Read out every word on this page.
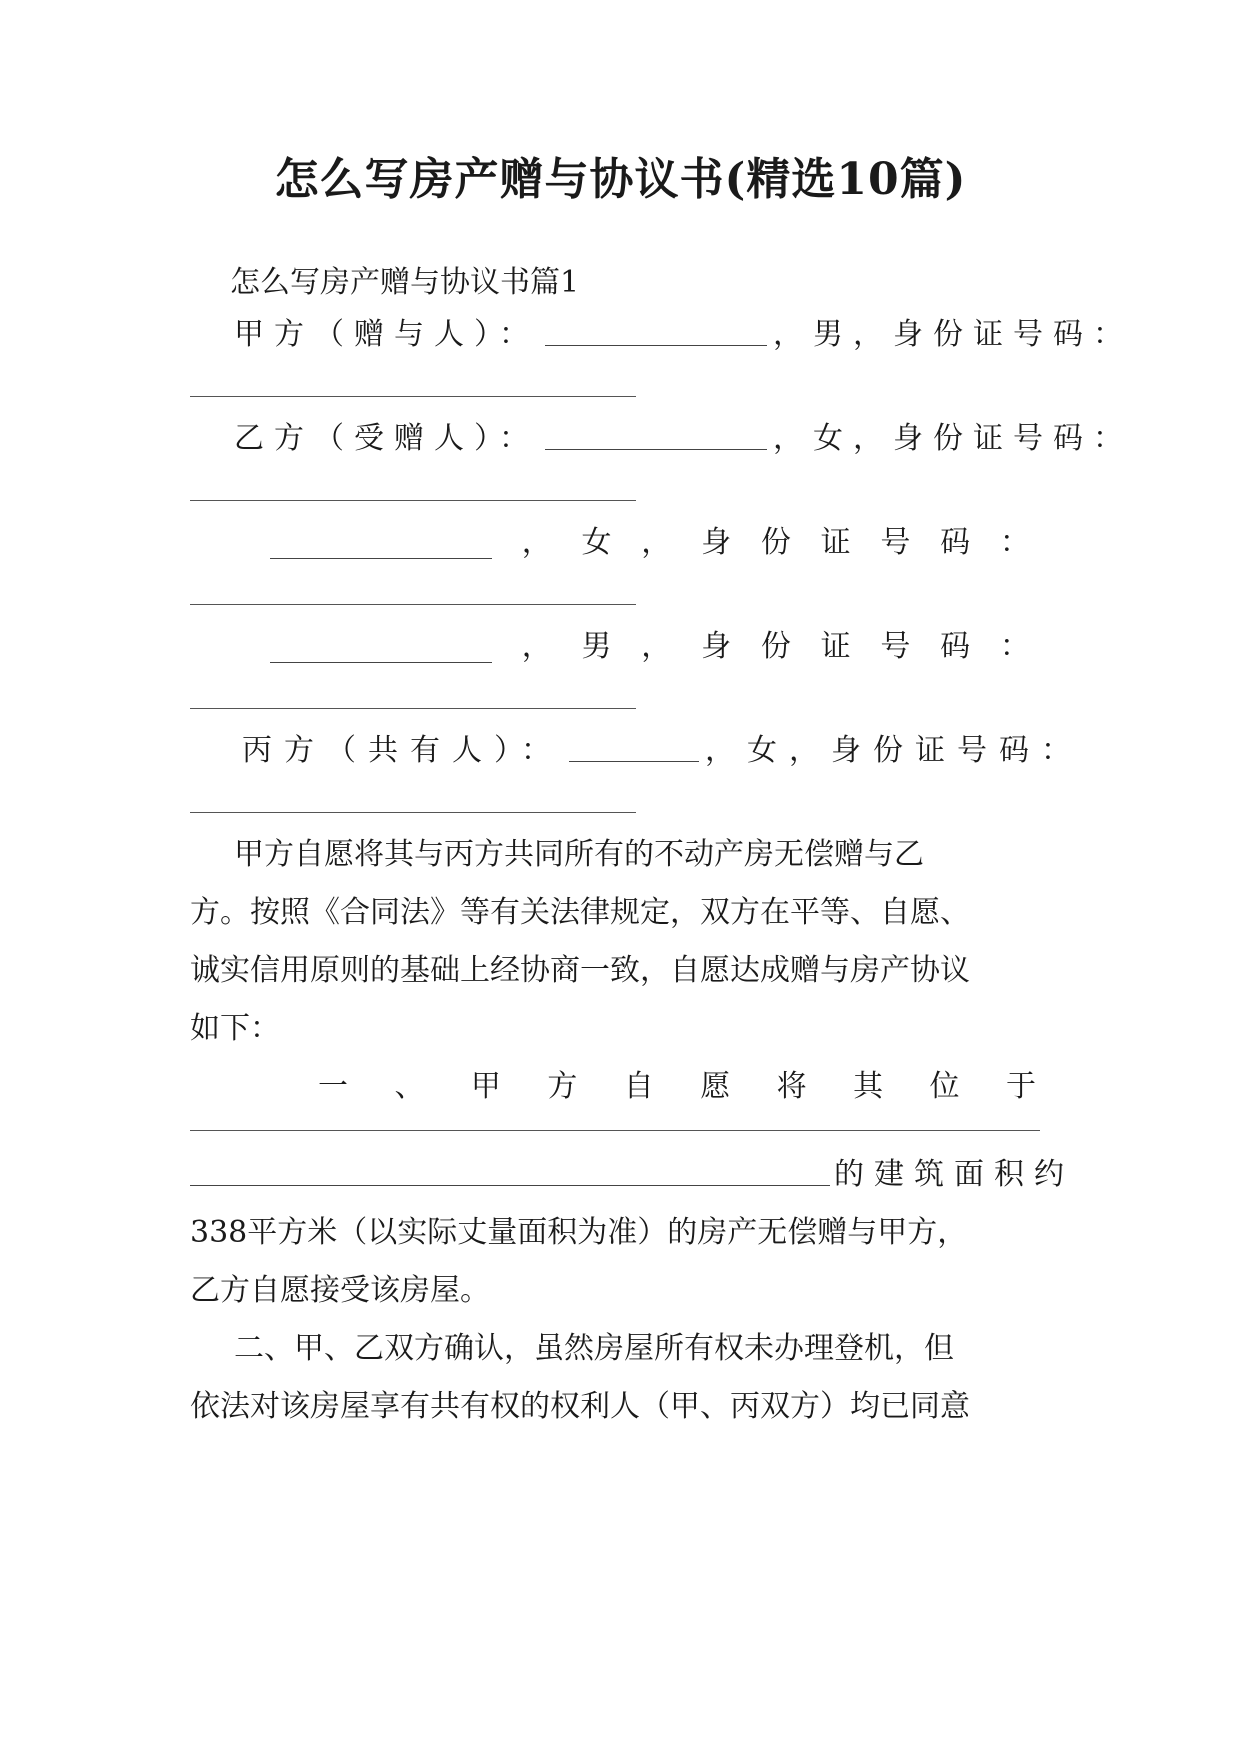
怎么写房产赠与协议书(精选10篇)
怎么写房产赠与协议书篇1
甲方（赠与人）：	，男，身份证号码：
乙方（受赠人）：	，女，身份证号码：
， 女 ， 身 份 证 号 码 ：
， 男 ， 身 份 证 号 码 ：
丙方（共有人）：	，女，身份证号码：
甲方自愿将其与丙方共同所有的不动产房无偿赠与乙
方。按照《合同法》等有关法律规定，双方在平等、自愿、
诚实信用原则的基础上经协商一致，自愿达成赠与房产协议
如下：
一 、 甲 方 自 愿 将 其 位 于
的建筑面积约
338平方米（以实际丈量面积为准）的房产无偿赠与甲方，
乙方自愿接受该房屋。
二、甲、乙双方确认，虽然房屋所有权未办理登机，但
依法对该房屋享有共有权的权利人（甲、丙双方）均已同意
